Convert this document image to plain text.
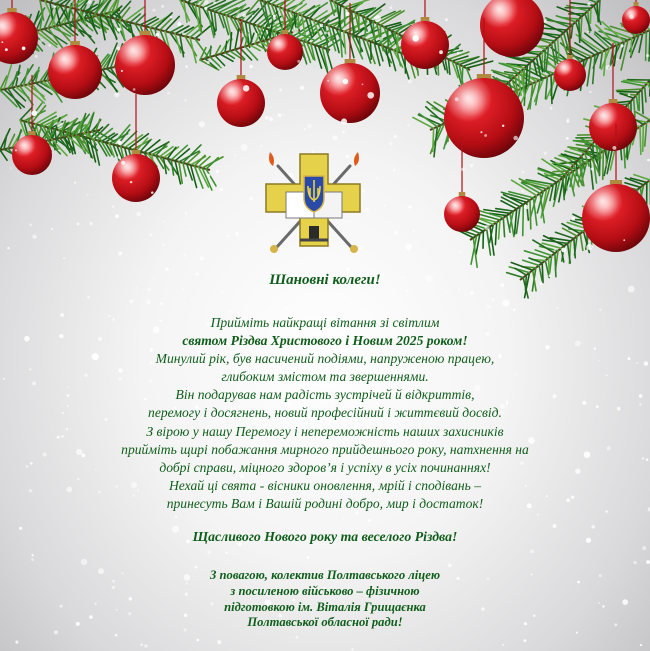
Шановні колеги!

Прийміть найкращі вітання зі світлим
святом Різдва Христового і Новим 2025 роком!
Минулий рік, був насичений подіями, напруженою працею,
глибоким змістом та звершеннями.
Він подарував нам радість зустрічей й відкриттів,
перемогу і досягнень, новий професійний і життєвий досвід.
З вірою у нашу Перемогу і непереможність наших захисників
прийміть щирі побажання мирного прийдешнього року, натхнення на
добрі справи, міцного здоров’я і успіху в усіх починаннях!
Нехай ці свята - вісники оновлення, мрій і сподівань –
принесуть Вам і Вашій родині добро, мир і достаток!

Щасливого Нового року та веселого Різдва!

З повагою, колектив Полтавського ліцею
з посиленою військово – фізичною
підготовкою ім. Віталія Грищаєнка
Полтавської обласної ради!
